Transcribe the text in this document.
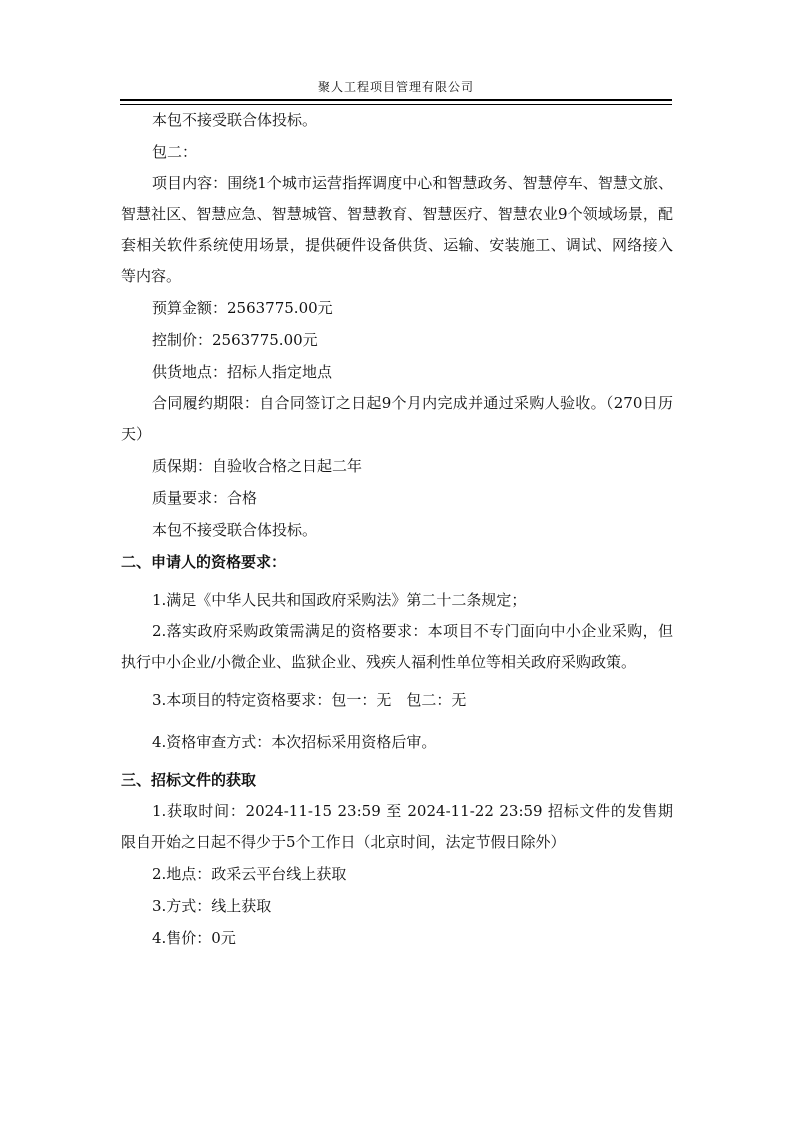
聚人工程项目管理有限公司

本包不接受联合体投标。

包二：

项目内容：围绕1个城市运营指挥调度中心和智慧政务、智慧停车、智慧文旅、智慧社区、智慧应急、智慧城管、智慧教育、智慧医疗、智慧农业9个领域场景，配套相关软件系统使用场景，提供硬件设备供货、运输、安装施工、调试、网络接入等内容。

预算金额：2563775.00元

控制价：2563775.00元

供货地点：招标人指定地点

合同履约期限：自合同签订之日起9个月内完成并通过采购人验收。（270日历天）

质保期：自验收合格之日起二年

质量要求：合格

本包不接受联合体投标。

二、申请人的资格要求：

1.满足《中华人民共和国政府采购法》第二十二条规定；

2.落实政府采购政策需满足的资格要求：本项目不专门面向中小企业采购，但执行中小企业/小微企业、监狱企业、残疾人福利性单位等相关政府采购政策。

3.本项目的特定资格要求：包一：无　包二：无

4.资格审查方式：本次招标采用资格后审。

三、招标文件的获取

1.获取时间：2024-11-15 23:59 至 2024-11-22 23:59 招标文件的发售期限自开始之日起不得少于5个工作日（北京时间，法定节假日除外）

2.地点：政采云平台线上获取

3.方式：线上获取

4.售价：0元
